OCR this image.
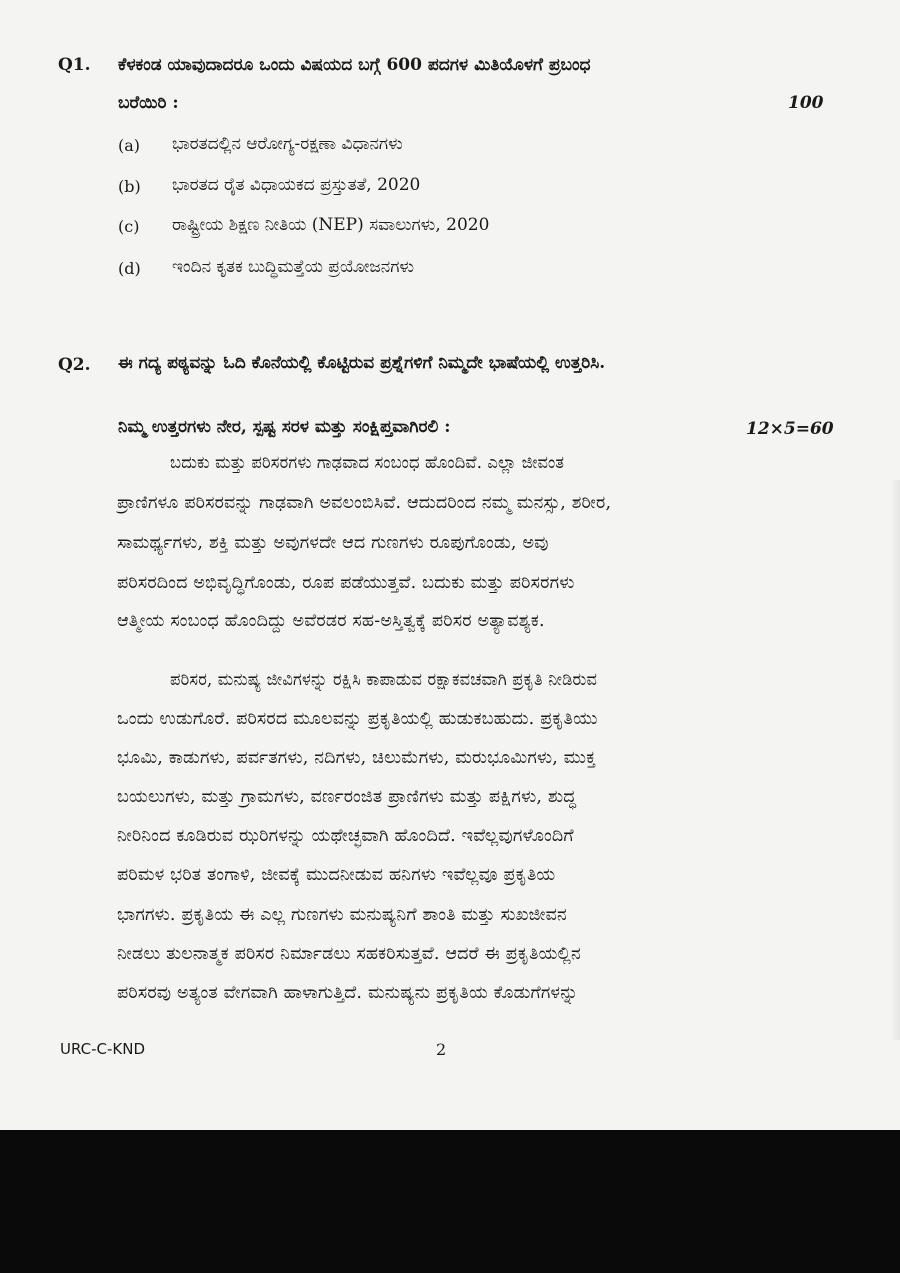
Q1. ಕೆಳಕಂಡ ಯಾವುದಾದರೂ ಒಂದು ವಿಷಯದ ಬಗ್ಗೆ 600 ಪದಗಳ ಮಿತಿಯೊಳಗೆ ಪ್ರಬಂಧ
ಬರೆಯಿರಿ :	100
(a) ಭಾರತದಲ್ಲಿನ ಆರೋಗ್ಯ-ರಕ್ಷಣಾ ವಿಧಾನಗಳು
(b) ಭಾರತದ ರೈತ ವಿಧಾಯಕದ ಪ್ರಸ್ತುತತೆ, 2020
(c) ರಾಷ್ಟ್ರೀಯ ಶಿಕ್ಷಣ ನೀತಿಯ (NEP) ಸವಾಲುಗಳು, 2020
(d) ಇಂದಿನ ಕೃತಕ ಬುದ್ಧಿಮತ್ತೆಯ ಪ್ರಯೋಜನಗಳು
Q2. ಈ ಗದ್ಯ ಪಠ್ಯವನ್ನು ಓದಿ ಕೊನೆಯಲ್ಲಿ ಕೊಟ್ಟಿರುವ ಪ್ರಶ್ನೆಗಳಿಗೆ ನಿಮ್ಮದೇ ಭಾಷೆಯಲ್ಲಿ ಉತ್ತರಿಸಿ.
ನಿಮ್ಮ ಉತ್ತರಗಳು ನೇರ, ಸ್ಪಷ್ಟ ಸರಳ ಮತ್ತು ಸಂಕ್ಷಿಪ್ತವಾಗಿರಲಿ :	12×5=60
ಬದುಕು ಮತ್ತು ಪರಿಸರಗಳು ಗಾಢವಾದ ಸಂಬಂಧ ಹೊಂದಿವೆ. ಎಲ್ಲಾ ಜೀವಂತ
ಪ್ರಾಣಿಗಳೂ ಪರಿಸರವನ್ನು ಗಾಢವಾಗಿ ಅವಲಂಬಿಸಿವೆ. ಆದುದರಿಂದ ನಮ್ಮ ಮನಸ್ಸು, ಶರೀರ,
ಸಾಮರ್ಥ್ಯಗಳು, ಶಕ್ತಿ ಮತ್ತು ಅವುಗಳದೇ ಆದ ಗುಣಗಳು ರೂಪುಗೊಂಡು, ಅವು
ಪರಿಸರದಿಂದ ಅಭಿವೃದ್ಧಿಗೊಂಡು, ರೂಪ ಪಡೆಯುತ್ತವೆ. ಬದುಕು ಮತ್ತು ಪರಿಸರಗಳು
ಆತ್ಮೀಯ ಸಂಬಂಧ ಹೊಂದಿದ್ದು ಅವೆರಡರ ಸಹ-ಅಸ್ತಿತ್ವಕ್ಕೆ ಪರಿಸರ ಅತ್ಯಾವಶ್ಯಕ.
ಪರಿಸರ, ಮನುಷ್ಯ ಜೀವಿಗಳನ್ನು ರಕ್ಷಿಸಿ ಕಾಪಾಡುವ ರಕ್ಷಾಕವಚವಾಗಿ ಪ್ರಕೃತಿ ನೀಡಿರುವ
ಒಂದು ಉಡುಗೊರೆ. ಪರಿಸರದ ಮೂಲವನ್ನು ಪ್ರಕೃತಿಯಲ್ಲಿ ಹುಡುಕಬಹುದು. ಪ್ರಕೃತಿಯು
ಭೂಮಿ, ಕಾಡುಗಳು, ಪರ್ವತಗಳು, ನದಿಗಳು, ಚಿಲುಮೆಗಳು, ಮರುಭೂಮಿಗಳು, ಮುಕ್ತ
ಬಯಲುಗಳು, ಮತ್ತು ಗ್ರಾಮಗಳು, ವರ್ಣರಂಜಿತ ಪ್ರಾಣಿಗಳು ಮತ್ತು ಪಕ್ಷಿಗಳು, ಶುದ್ಧ
ನೀರಿನಿಂದ ಕೂಡಿರುವ ಝರಿಗಳನ್ನು ಯಥೇಚ್ಛವಾಗಿ ಹೊಂದಿದೆ. ಇವೆಲ್ಲವುಗಳೊಂದಿಗೆ
ಪರಿಮಳ ಭರಿತ ತಂಗಾಳಿ, ಜೀವಕ್ಕೆ ಮುದನೀಡುವ ಹನಿಗಳು ಇವೆಲ್ಲವೂ ಪ್ರಕೃತಿಯ
ಭಾಗಗಳು. ಪ್ರಕೃತಿಯ ಈ ಎಲ್ಲ ಗುಣಗಳು ಮನುಷ್ಯನಿಗೆ ಶಾಂತಿ ಮತ್ತು ಸುಖಜೀವನ
ನೀಡಲು ತುಲನಾತ್ಮಕ ಪರಿಸರ ನಿರ್ಮಾಡಲು ಸಹಕರಿಸುತ್ತವೆ. ಆದರೆ ಈ ಪ್ರಕೃತಿಯಲ್ಲಿನ
ಪರಿಸರವು ಅತ್ಯಂತ ವೇಗವಾಗಿ ಹಾಳಾಗುತ್ತಿದೆ. ಮನುಷ್ಯನು ಪ್ರಕೃತಿಯ ಕೊಡುಗೆಗಳನ್ನು
URC-C-KND	2
